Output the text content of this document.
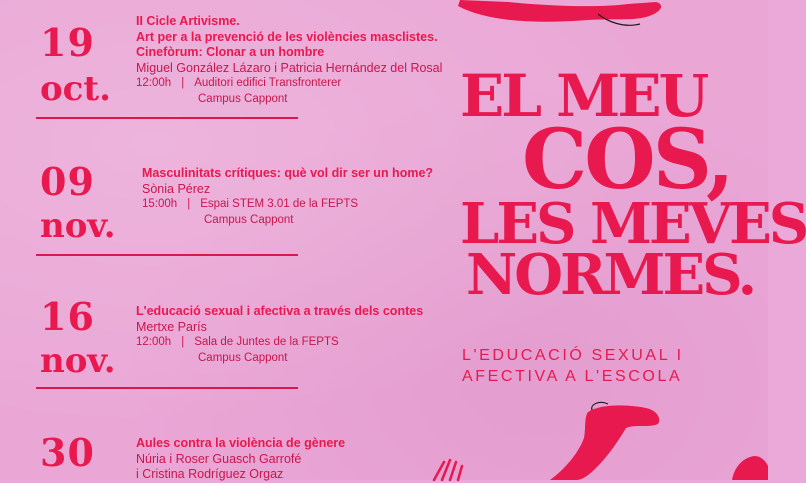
19
oct.
II Cicle Artivisme.
Art per a la prevenció de les violències masclistes.
Cinefòrum: Clonar a un hombre
Miguel González Lázaro i Patricia Hernández del Rosal
12:00h | Auditori edifici Transfronterer
Campus Cappont
09
nov.
Masculinitats crítiques: què vol dir ser un home?
Sònia Pérez
15:00h | Espai STEM 3.01 de la FEPTS
Campus Cappont
16
nov.
L'educació sexual i afectiva a través dels contes
Mertxe París
12:00h | Sala de Juntes de la FEPTS
Campus Cappont
30	Aules contra la violència de gènere
Núria i Roser Guasch Garrofé
i Cristina Rodríguez Orgaz
EL MEU
COS,
LES MEVES
NORMES.
L'EDUCACIÓ SEXUAL I
AFECTIVA A L'ESCOLA
